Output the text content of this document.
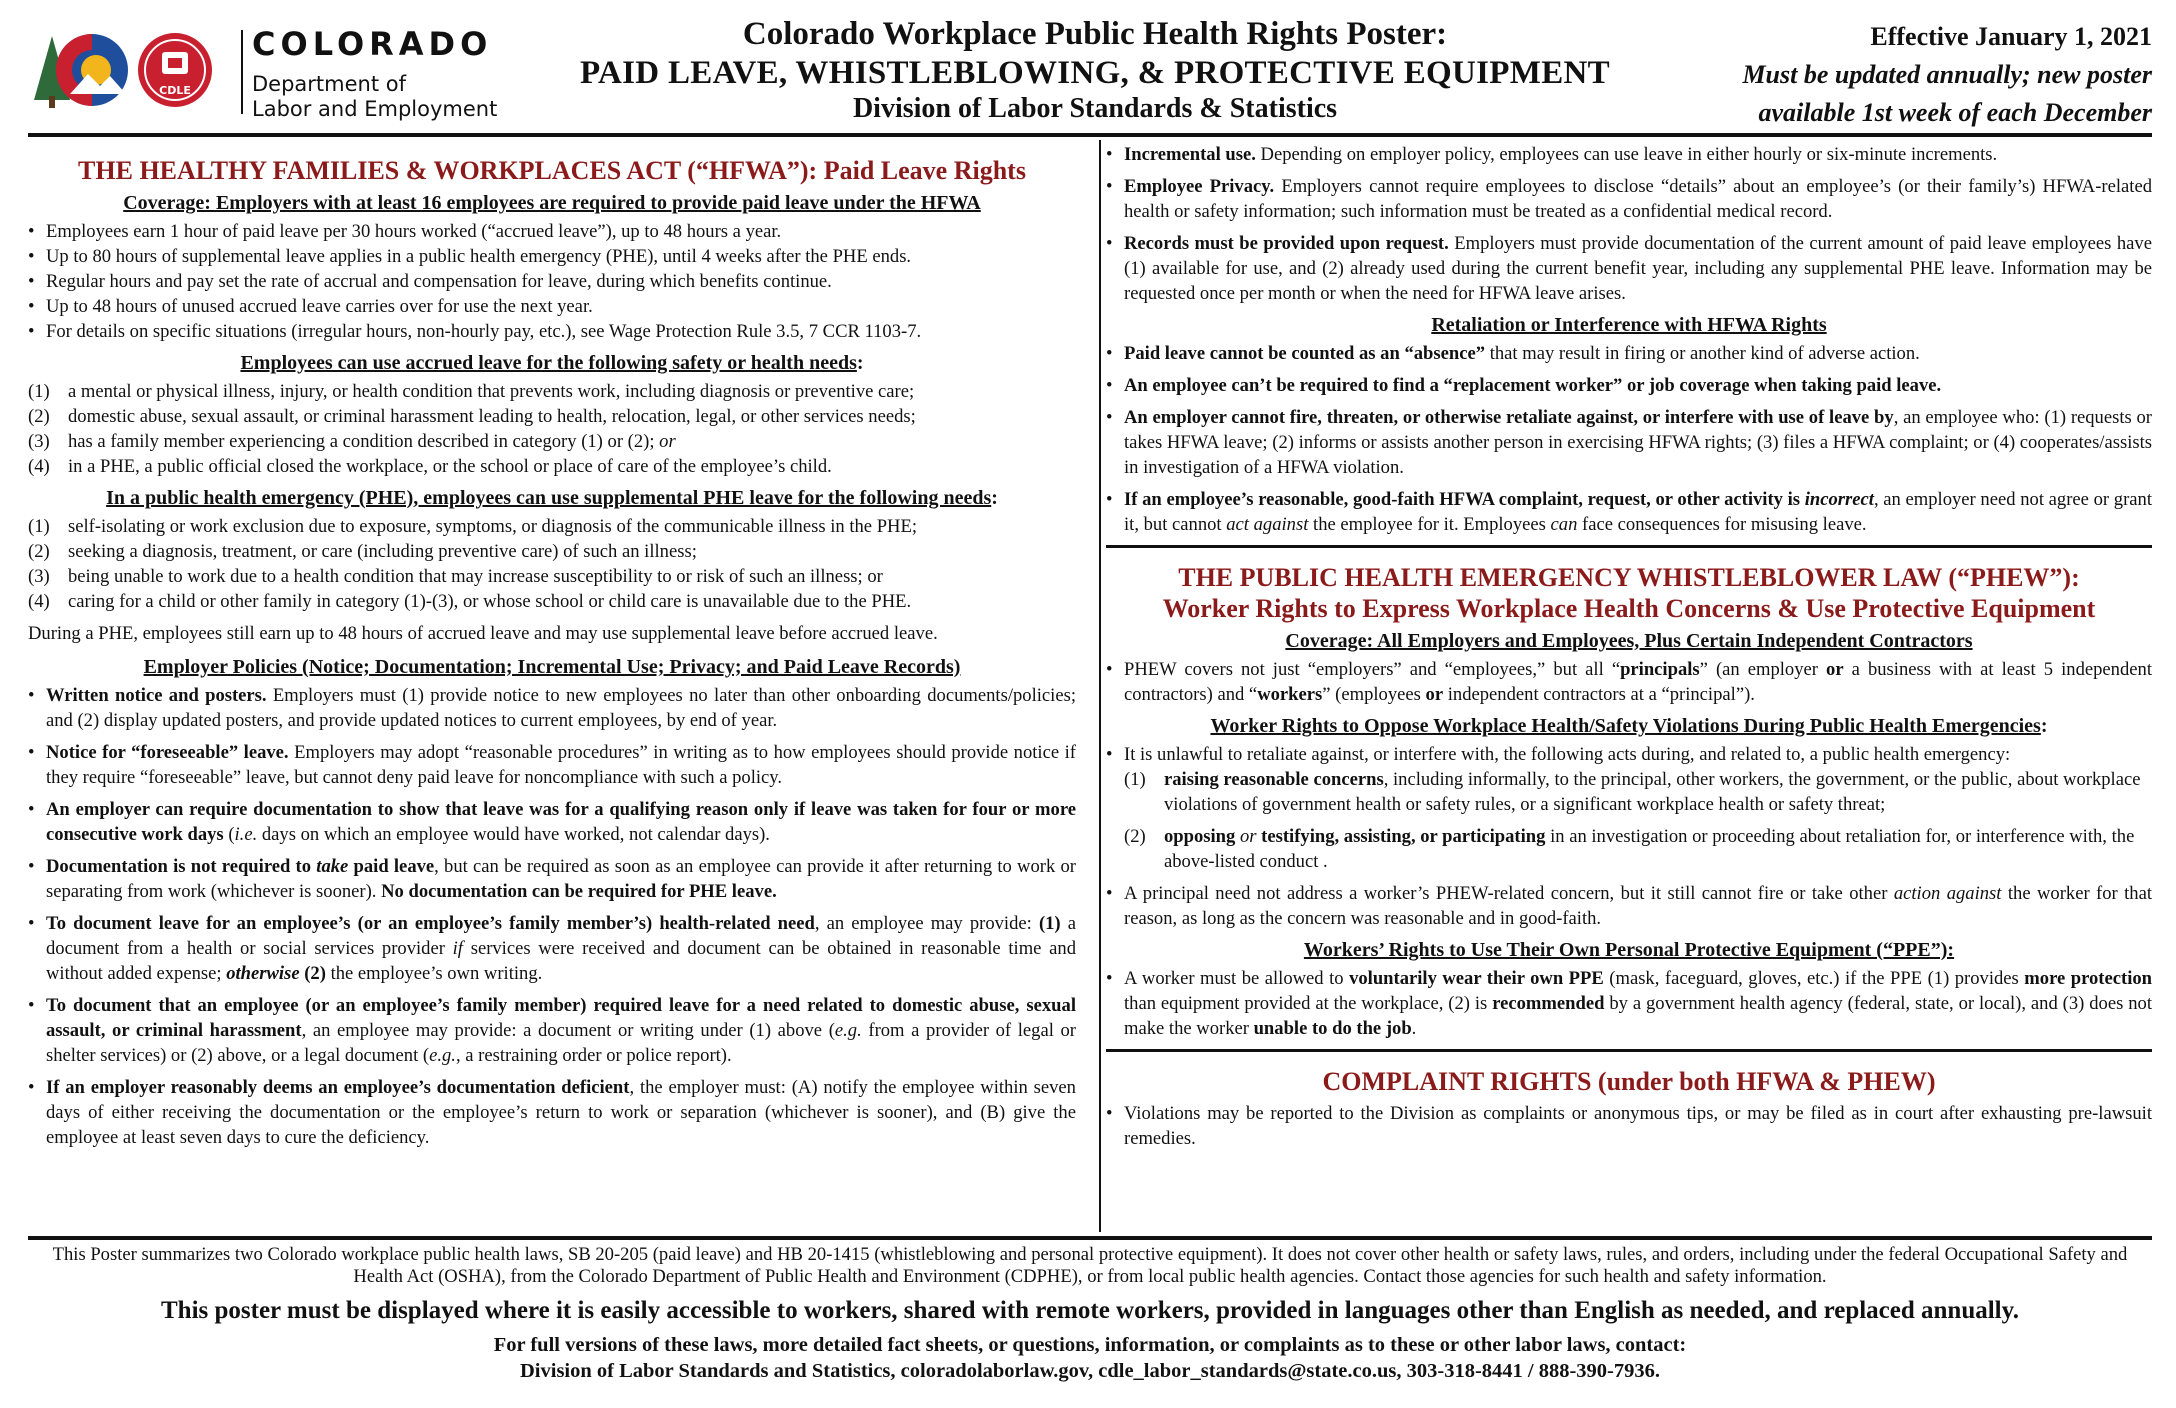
CDLE
COLORADO
Department of
Labor and Employment
Colorado Workplace Public Health Rights Poster:
PAID LEAVE, WHISTLEBLOWING, & PROTECTIVE EQUIPMENT
Division of Labor Standards & Statistics
Effective January 1, 2021
Must be updated annually; new poster
available 1st week of each December
THE HEALTHY FAMILIES & WORKPLACES ACT (“HFWA”): Paid Leave Rights
Coverage: Employers with at least 16 employees are required to provide paid leave under the HFWA

• Employees earn 1 hour of paid leave per 30 hours worked (“accrued leave”), up to 48 hours a year.

• Up to 80 hours of supplemental leave applies in a public health emergency (PHE), until 4 weeks after the PHE ends.

• Regular hours and pay set the rate of accrual and compensation for leave, during which benefits continue.

• Up to 48 hours of unused accrued leave carries over for use the next year.

• For details on specific situations (irregular hours, non-hourly pay, etc.), see Wage Protection Rule 3.5, 7 CCR 1103-7.

Employees can use accrued leave for the following safety or health needs:

(1) a mental or physical illness, injury, or health condition that prevents work, including diagnosis or preventive care;

(2) domestic abuse, sexual assault, or criminal harassment leading to health, relocation, legal, or other services needs;

(3) has a family member experiencing a condition described in category (1) or (2); or

(4) in a PHE, a public official closed the workplace, or the school or place of care of the employee’s child.

In a public health emergency (PHE), employees can use supplemental PHE leave for the following needs:

(1) self-isolating or work exclusion due to exposure, symptoms, or diagnosis of the communicable illness in the PHE;

(2) seeking a diagnosis, treatment, or care (including preventive care) of such an illness;

(3) being unable to work due to a health condition that may increase susceptibility to or risk of such an illness; or

(4) caring for a child or other family in category (1)-(3), or whose school or child care is unavailable due to the PHE.

During a PHE, employees still earn up to 48 hours of accrued leave and may use supplemental leave before accrued leave.

Employer Policies (Notice; Documentation; Incremental Use; Privacy; and Paid Leave Records)

• Written notice and posters. Employers must (1) provide notice to new employees no later than other onboarding documents/policies; and (2) display updated posters, and provide updated notices to current employees, by end of year.

• Notice for “foreseeable” leave. Employers may adopt “reasonable procedures” in writing as to how employees should provide notice if they require “foreseeable” leave, but cannot deny paid leave for noncompliance with such a policy.

• An employer can require documentation to show that leave was for a qualifying reason only if leave was taken for four or more consecutive work days (i.e. days on which an employee would have worked, not calendar days).

• Documentation is not required to take paid leave, but can be required as soon as an employee can provide it after returning to work or separating from work (whichever is sooner). No documentation can be required for PHE leave.

• To document leave for an employee’s (or an employee’s family member’s) health-related need, an employee may provide: (1) a document from a health or social services provider if services were received and document can be obtained in reasonable time and without added expense; otherwise (2) the employee’s own writing.

• To document that an employee (or an employee’s family member) required leave for a need related to domestic abuse, sexual assault, or criminal harassment, an employee may provide: a document or writing under (1) above (e.g. from a provider of legal or shelter services) or (2) above, or a legal document (e.g., a restraining order or police report).

• If an employer reasonably deems an employee’s documentation deficient, the employer must: (A) notify the employee within seven days of either receiving the documentation or the employee’s return to work or separation (whichever is sooner), and (B) give the employee at least seven days to cure the deficiency.

• Incremental use. Depending on employer policy, employees can use leave in either hourly or six-minute increments.

• Employee Privacy. Employers cannot require employees to disclose “details” about an employee’s (or their family’s) HFWA-related health or safety information; such information must be treated as a confidential medical record.

• Records must be provided upon request. Employers must provide documentation of the current amount of paid leave employees have (1) available for use, and (2) already used during the current benefit year, including any supplemental PHE leave. Information may be requested once per month or when the need for HFWA leave arises.

Retaliation or Interference with HFWA Rights

• Paid leave cannot be counted as an “absence” that may result in firing or another kind of adverse action.

• An employee can’t be required to find a “replacement worker” or job coverage when taking paid leave.

• An employer cannot fire, threaten, or otherwise retaliate against, or interfere with use of leave by, an employee who: (1) requests or takes HFWA leave; (2) informs or assists another person in exercising HFWA rights; (3) files a HFWA complaint; or (4) cooperates/assists in investigation of a HFWA violation.

• If an employee’s reasonable, good-faith HFWA complaint, request, or other activity is incorrect, an employer need not agree or grant it, but cannot act against the employee for it. Employees can face consequences for misusing leave.

THE PUBLIC HEALTH EMERGENCY WHISTLEBLOWER LAW (“PHEW”):
Worker Rights to Express Workplace Health Concerns & Use Protective Equipment
Coverage: All Employers and Employees, Plus Certain Independent Contractors

• PHEW covers not just “employers” and “employees,” but all “principals” (an employer or a business with at least 5 independent contractors) and “workers” (employees or independent contractors at a “principal”).

Worker Rights to Oppose Workplace Health/Safety Violations During Public Health Emergencies:

• It is unlawful to retaliate against, or interfere with, the following acts during, and related to, a public health emergency:

(1) raising reasonable concerns, including informally, to the principal, other workers, the government, or the public, about workplace violations of government health or safety rules, or a significant workplace health or safety threat;

(2) opposing or testifying, assisting, or participating in an investigation or proceeding about retaliation for, or interference with, the above-listed conduct .

• A principal need not address a worker’s PHEW-related concern, but it still cannot fire or take other action against the worker for that reason, as long as the concern was reasonable and in good-faith.

Workers’ Rights to Use Their Own Personal Protective Equipment (“PPE”):

• A worker must be allowed to voluntarily wear their own PPE (mask, faceguard, gloves, etc.) if the PPE (1) provides more protection than equipment provided at the workplace, (2) is recommended by a government health agency (federal, state, or local), and (3) does not make the worker unable to do the job.

COMPLAINT RIGHTS (under both HFWA & PHEW)

• Violations may be reported to the Division as complaints or anonymous tips, or may be filed as in court after exhausting pre-lawsuit remedies.

This Poster summarizes two Colorado workplace public health laws, SB 20-205 (paid leave) and HB 20-1415 (whistleblowing and personal protective equipment). It does not cover other health or safety laws, rules, and orders, including under the federal Occupational Safety and Health Act (OSHA), from the Colorado Department of Public Health and Environment (CDPHE), or from local public health agencies. Contact those agencies for such health and safety information.
This poster must be displayed where it is easily accessible to workers, shared with remote workers, provided in languages other than English as needed, and replaced annually.
For full versions of these laws, more detailed fact sheets, or questions, information, or complaints as to these or other labor laws, contact:
Division of Labor Standards and Statistics, coloradolaborlaw.gov, cdle_labor_standards@state.co.us, 303-318-8441 / 888-390-7936.
